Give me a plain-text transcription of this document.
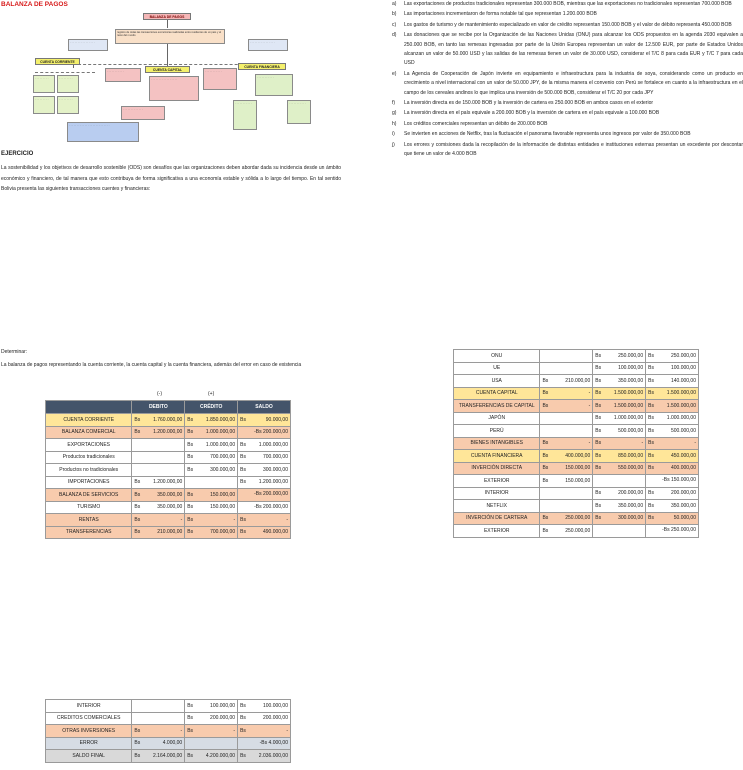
BALANZA DE PAGOS
BALANZA DE PAGOS
registro de todas las transacciones económicas realizadas entre residentes de un país y el resto del mundo
· · · · · · · · · · · · · · · ·	· · · · · · · · · · · · · · · ·
CUENTA CORRIENTE
CUENTA CAPITAL
CUENTA FINANCIERA
· · · · · · · · ·	· · · · · · · · ·
· · · · · · · · ·	· · · · · · · · ·
· · · · · · · · · · ·
· · · · · · · · · · · · · · · · ·
· · · · · · · · · · ·
· · · · · · · · · · · · ·
· · · · · · · · · · ·
· · · · · · · · · · ·	· · · · · · · · · · ·
· · · · · · · · · · · · · · · · · · · · · · · · · ·
EJERCICIO
La sostenibilidad y los objetivos de desarrollo sostenible (ODS) son desafíos que las organizaciones deben abordar dada su incidencia desde un ámbito económico y financiero, de tal manera que esto contribuya de forma significativa a una economía estable y sólida a lo largo del tiempo. En tal sentido Bolivia presenta las siguientes transacciones cuentes y financieras:
a) Las exportaciones de productos tradicionales representan 300.000 BOB, mientras que las exportaciones no tradicionales representan 700.000 BOB
b) Las importaciones incrementaron de forma notable tal que representan 1.200.000 BOB
c) Los gastos de turismo y de mantenimiento especializado en valor de crédito representan 150.000 BOB y el valor de débito representa 450.000 BOB
d) Las donaciones que se recibe por la Organización de las Naciones Unidas (ONU) para alcanzar los ODS propuestos en la agenda 2030 equivalen a 250.000 BOB, en tanto las remesas ingresadas por parte de la Unión Europea representan un valor de 12.500 EUR, por parte de Estados Unidos alcanzan un valor de 50.000 USD y las salidas de las remesas tienen un valor de 30.000 USD, considerar el T/C 8 para cada EUR y T/C 7 para cada USD
e) La Agencia de Cooperación de Japón invierte en equipamiento e infraestructura para la industria de soya, considerando como un producto en crecimiento a nivel internacional con un valor de 50.000 JPY, de la misma manera el convenio con Perú se fortalece en cuanto a la infraestructura en el campo de los cereales andinos lo que implica una inversión de 500.000 BOB, considerar el T/C 20 por cada JPY
f) La inversión directa es de 150.000 BOB y la inversión de cartera es 250.000 BOB en ambos casos en el exterior
g) La inversión directa en el país equivale a 200.000 BOB y la inversión de cartera en el país equivale a 100.000 BOB
h) Los créditos comerciales representan un débito de 200.000 BOB
i) Se invierten en acciones de Netflix, tras la fluctuación el panorama favorable representa unos ingresos por valor de 350.000 BOB
j) Los errores y comisiones dada la recopilación de la información de distintas entidades e instituciones externas presentan un excedente por descontar que tiene un valor de 4.000 BOB
Determinar:
La balanza de pagos representando la cuenta corriente, la cuenta capital y la cuenta financiera, además del error en caso de existencia
(-)	(+)
	DEBITO		CRÉDITO		SALDO	
CUENTA CORRIENTE	Bs	1.760.000,00	Bs	1.850.000,00	Bs	90.000,00
BALANZA COMERCIAL	Bs	1.200.000,00	Bs	1.000.000,00		-Bs 200.000,00
EXPORTACIONES			Bs	1.000.000,00	Bs	1.000.000,00
Productos tradicionales			Bs	700.000,00	Bs	700.000,00
Productos no tradicionales			Bs	300.000,00	Bs	300.000,00
IMPORTACIONES	Bs	1.200.000,00			Bs	1.200.000,00
BALANZA DE SERVICIOS	Bs	350.000,00	Bs	150.000,00		-Bs 200.000,00
TURISMO	Bs	350.000,00	Bs	150.000,00		-Bs 200.000,00
RENTAS	Bs	-	Bs	-	Bs	-
TRANSFERENCIAS	Bs	210.000,00	Bs	700.000,00	Bs	490.000,00
ONU			Bs	250.000,00	Bs	250.000,00
UE			Bs	100.000,00	Bs	100.000,00
USA	Bs	210.000,00	Bs	350.000,00	Bs	140.000,00
CUENTA CAPITAL	Bs	-	Bs	1.500.000,00	Bs	1.500.000,00
TRANSFERENCIAS DE CAPITAL	Bs	-	Bs	1.500.000,00	Bs	1.500.000,00
JAPÓN			Bs	1.000.000,00	Bs	1.000.000,00
PERÚ			Bs	500.000,00	Bs	500.000,00
BIENES INTANGIBLES	Bs	-	Bs	-	Bs	-
CUENTA FINANCIERA	Bs	400.000,00	Bs	850.000,00	Bs	450.000,00
INVERCIÓN DIRECTA	Bs	150.000,00	Bs	550.000,00	Bs	400.000,00
EXTERIOR	Bs	150.000,00				-Bs 150.000,00
INTERIOR			Bs	200.000,00	Bs	200.000,00
NETFLIX			Bs	350.000,00	Bs	350.000,00
INVERCIÓN DE CARTERA	Bs	250.000,00	Bs	300.000,00	Bs	50.000,00
EXTERIOR	Bs	250.000,00				-Bs 250.000,00
INTERIOR			Bs	100.000,00	Bs	100.000,00
CREDITOS COMERCIALES			Bs	200.000,00	Bs	200.000,00
OTRAS INVERSIONES	Bs	-	Bs	-	Bs	-
ERROR	Bs	4.000,00				-Bs 4.000,00
SALDO FINAL	Bs	2.164.000,00	Bs	4.200.000,00	Bs	2.036.000,00
